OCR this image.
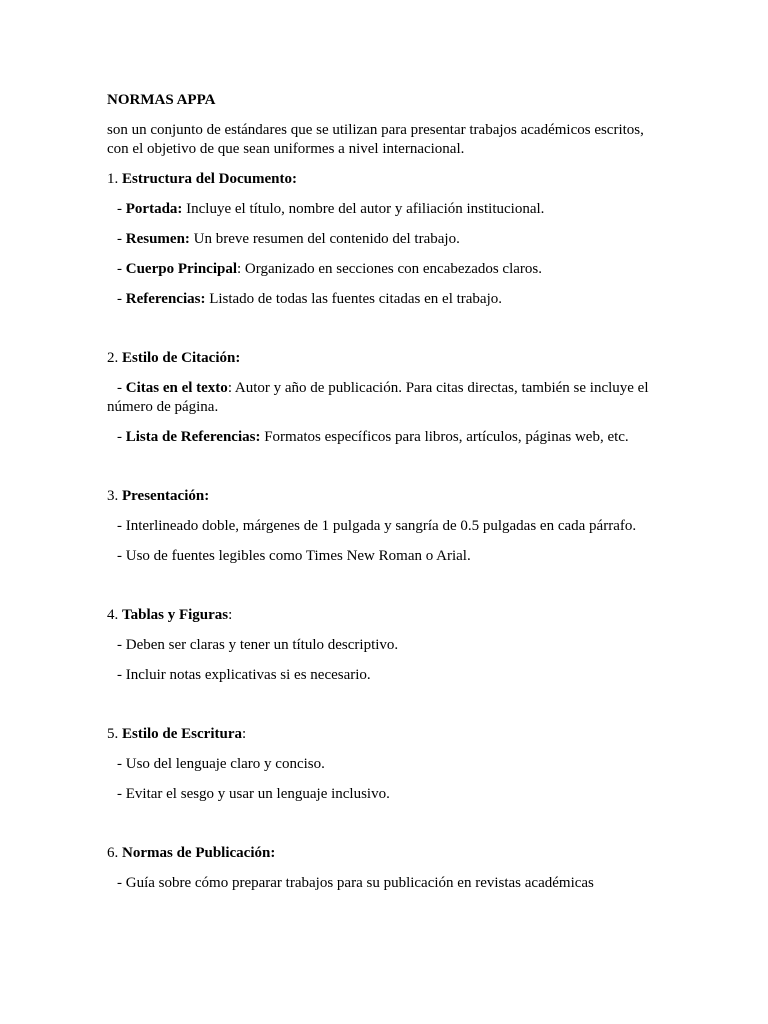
NORMAS APPA

son un conjunto de estándares que se utilizan para presentar trabajos académicos escritos, con el objetivo de que sean uniformes a nivel internacional.

1. Estructura del Documento:

- Portada: Incluye el título, nombre del autor y afiliación institucional.

- Resumen: Un breve resumen del contenido del trabajo.

- Cuerpo Principal: Organizado en secciones con encabezados claros.

- Referencias: Listado de todas las fuentes citadas en el trabajo.

2. Estilo de Citación:

- Citas en el texto: Autor y año de publicación. Para citas directas, también se incluye el número de página.

- Lista de Referencias: Formatos específicos para libros, artículos, páginas web, etc.

3. Presentación:

- Interlineado doble, márgenes de 1 pulgada y sangría de 0.5 pulgadas en cada párrafo.

- Uso de fuentes legibles como Times New Roman o Arial.

4. Tablas y Figuras:

- Deben ser claras y tener un título descriptivo.

- Incluir notas explicativas si es necesario.

5. Estilo de Escritura:

- Uso del lenguaje claro y conciso.

- Evitar el sesgo y usar un lenguaje inclusivo.

6. Normas de Publicación:

- Guía sobre cómo preparar trabajos para su publicación en revistas académicas
